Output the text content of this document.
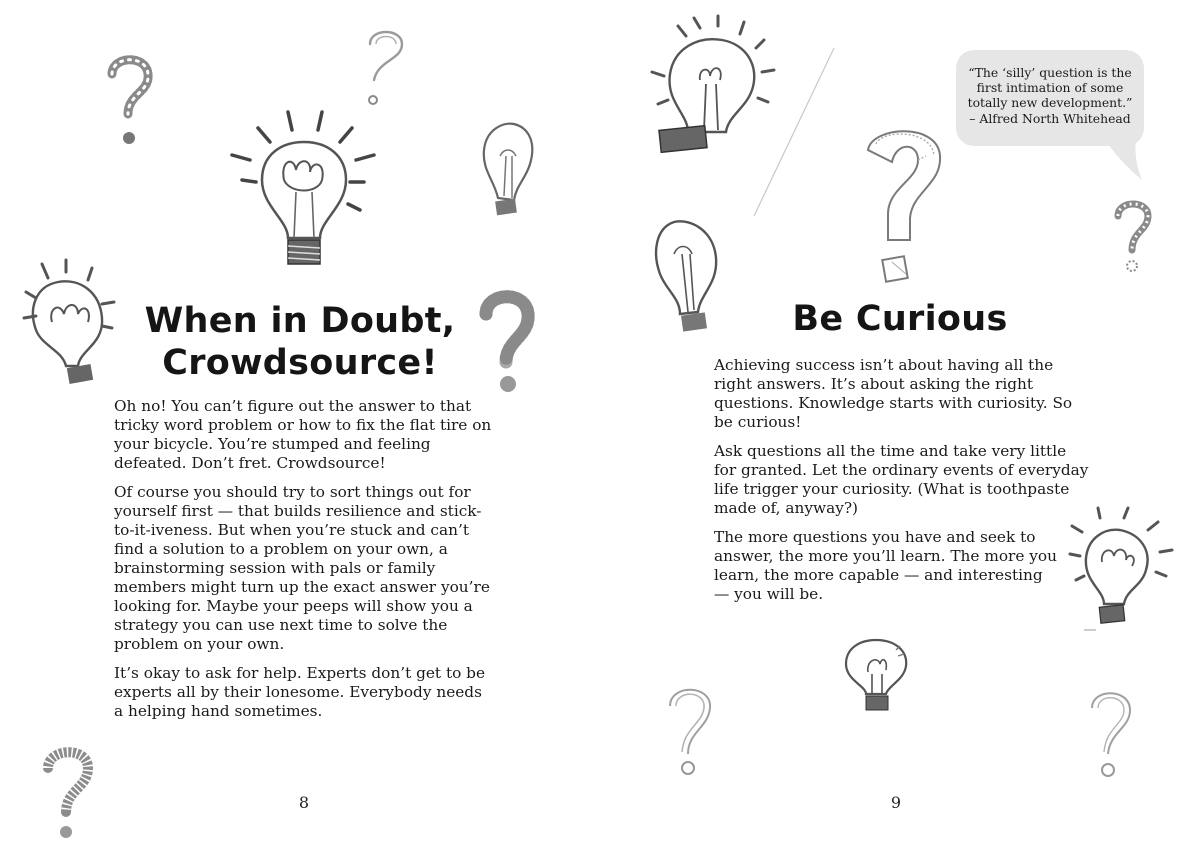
When in Doubt,
Crowdsource!

Oh no! You can’t figure out the answer to that tricky word problem or how to fix the flat tire on your bicycle. You’re stumped and feeling defeated. Don’t fret. Crowdsource!

Of course you should try to sort things out for yourself first — that builds resilience and stick-to-it-iveness. But when you’re stuck and can’t find a solution to a problem on your own, a brainstorming session with pals or family members might turn up the exact answer you’re looking for. Maybe your peeps will show you a strategy you can use next time to solve the problem on your own.

It’s okay to ask for help. Experts don’t get to be experts all by their lonesome. Everybody needs a helping hand sometimes.

8
“The ‘silly’ question is the first intimation of some totally new development.”
– Alfred North Whitehead
Be Curious

Achieving success isn’t about having all the right answers. It’s about asking the right questions. Knowledge starts with curiosity. So be curious!

Ask questions all the time and take very little for granted. Let the ordinary events of everyday life trigger your curiosity. (What is toothpaste made of, anyway?)

The more questions you have and seek to answer, the more you’ll learn. The more you learn, the more capable — and interesting — you will be.

9
